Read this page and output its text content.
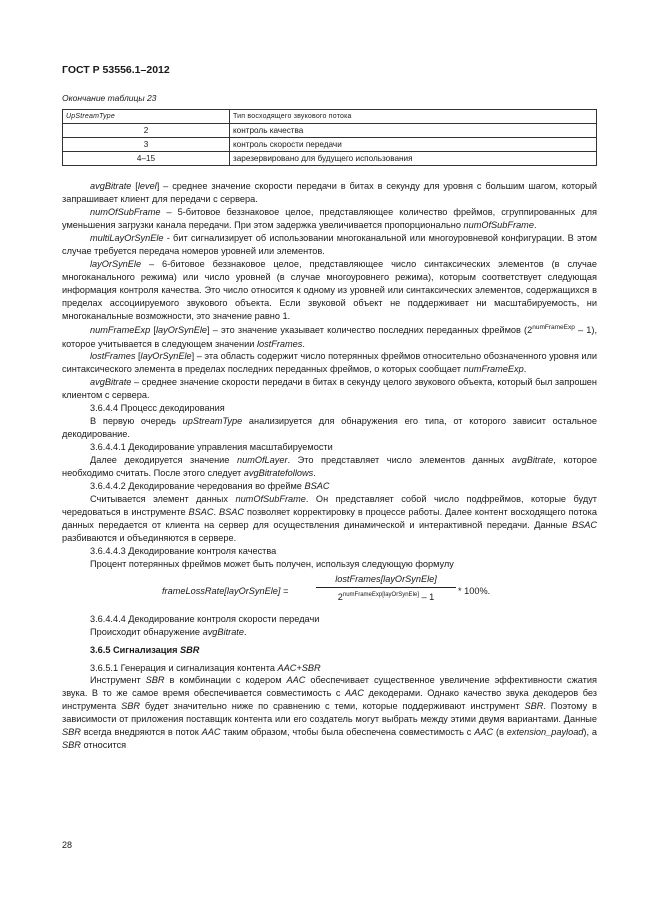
ГОСТ Р 53556.1–2012
Окончание таблицы 23
UpStreamType	Тип восходящего звукового потока
2	контроль качества
3	контроль скорости передачи
4–15	зарезервировано для будущего использования

avgBitrate [level] – среднее значение скорости передачи в битах в секунду для уровня с большим шагом, который запрашивает клиент для передачи с сервера.

numOfSubFrame – 5-битовое беззнаковое целое, представляющее количество фреймов, сгруппированных для уменьшения загрузки канала передачи. При этом задержка увеличивается пропорционально numOfSubFrame.

multiLayOrSynEle - бит сигнализирует об использовании многоканальной или многоуровневой конфигурации. В этом случае требуется передача номеров уровней или элементов.

layOrSynEle – 6-битовое беззнаковое целое, представляющее число синтаксических элементов (в случае многоканального режима) или число уровней (в случае многоуровнего режима), которым соответствует следующая информация контроля качества. Это число относится к одному из уровней или синтаксических элементов, содержащихся в пределах ассоциируемого звукового объекта. Если звуковой объект не поддерживает ни масштабируемость, ни многоканальные возможности, это значение равно 1.

numFrameExp [layOrSynEle] – это значение указывает количество последних переданных фреймов $(2^{numFrameExp} - 1)$, которое учитывается в следующем значении lostFrames.

lostFrames [layOrSynEle] – эта область содержит число потерянных фреймов относительно обозначенного уровня или синтаксического элемента в пределах последних переданных фреймов, о которых сообщает numFrameExp.

avgBitrate – среднее значение скорости передачи в битах в секунду целого звукового объекта, который был запрошен клиентом с сервера.

3.6.4.4 Процесс декодирования

В первую очередь upStreamType анализируется для обнаружения его типа, от которого зависит остальное декодирование.

3.6.4.4.1 Декодирование управления масштабируемости

Далее декодируется значение numOfLayer. Это представляет число элементов данных avgBitrate, которое необходимо считать. После этого следует avgBitratefollows.

3.6.4.4.2 Декодирование чередования во фрейме BSAC

Считывается элемент данных numOfSubFrame. Он представляет собой число подфреймов, которые будут чередоваться в инструменте BSAC. BSAC позволяет корректировку в процессе работы. Далее контент восходящего потока данных передается от клиента на сервер для осуществления динамической и интерактивной передачи. Данные BSAC разбиваются и объединяются в сервере.

3.6.4.4.3 Декодирование контроля качества

Процент потерянных фреймов может быть получен, используя следующую формулу

frameLossRate[layOrSynEle] =
lostFrames[layOrSynEle]
$2^{numFrameExp[layOrSynEle]} - 1$
* 100%.

3.6.4.4.4 Декодирование контроля скорости передачи

Происходит обнаружение avgBitrate.

3.6.5 Сигнализация SBR

3.6.5.1 Генерация и сигнализация контента AAC+SBR

Инструмент SBR в комбинации с кодером AAC обеспечивает существенное увеличение эффективности сжатия звука. В то же самое время обеспечивается совместимость с AAC декодерами. Однако качество звука декодеров без инструмента SBR будет значительно ниже по сравнению с теми, которые поддерживают инструмент SBR. Поэтому в зависимости от приложения поставщик контента или его создатель могут выбрать между этими двумя вариантами. Данные SBR всегда внедряются в поток AAC таким образом, чтобы была обеспечена совместимость с AAC (в extension_payload), а SBR относится

28
